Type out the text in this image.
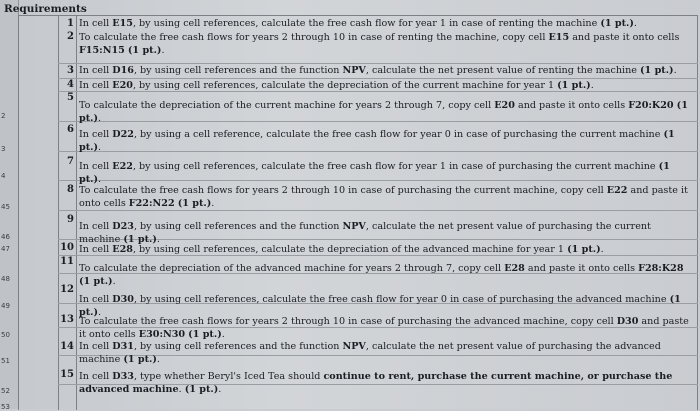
2
3
4
45
46
47
48
49
50
51
52
53
Requirements
1 In cell E15, by using cell references, calculate the free cash flow for year 1 in case of renting the machine (1 pt.).
2 To calculate the free cash flows for years 2 through 10 in case of renting the machine, copy cell E15 and paste it onto cells F15:N15 (1 pt.).
3 In cell D16, by using cell references and the function NPV, calculate the net present value of renting the machine (1 pt.).
4 In cell E20, by using cell references, calculate the depreciation of the current machine for year 1 (1 pt.).
5
To calculate the depreciation of the current machine for years 2 through 7, copy cell E20 and paste it onto cells F20:K20 (1 pt.).
6 In cell D22, by using a cell reference, calculate the free cash flow for year 0 in case of purchasing the current machine (1 pt.).
7 In cell E22, by using cell references, calculate the free cash flow for year 1 in case of purchasing the current machine (1 pt.).
8 To calculate the free cash flows for years 2 through 10 in case of purchasing the current machine, copy cell E22 and paste it onto cells F22:N22 (1 pt.).
9
In cell D23, by using cell references and the function NPV, calculate the net present value of purchasing the current machine (1 pt.).
10 In cell E28, by using cell references, calculate the depreciation of the advanced machine for year 1 (1 pt.).
11
To calculate the depreciation of the advanced machine for years 2 through 7, copy cell E28 and paste it onto cells F28:K28 (1 pt.).
12
In cell D30, by using cell references, calculate the free cash flow for year 0 in case of purchasing the advanced machine (1 pt.).
13 To calculate the free cash flows for years 2 through 10 in case of purchasing the advanced machine, copy cell D30 and paste it onto cells E30:N30 (1 pt.).
14 In cell D31, by using cell references and the function NPV, calculate the net present value of purchasing the advanced machine (1 pt.).
15 In cell D33, type whether Beryl's Iced Tea should continue to rent, purchase the current machine, or purchase the advanced machine. (1 pt.).
